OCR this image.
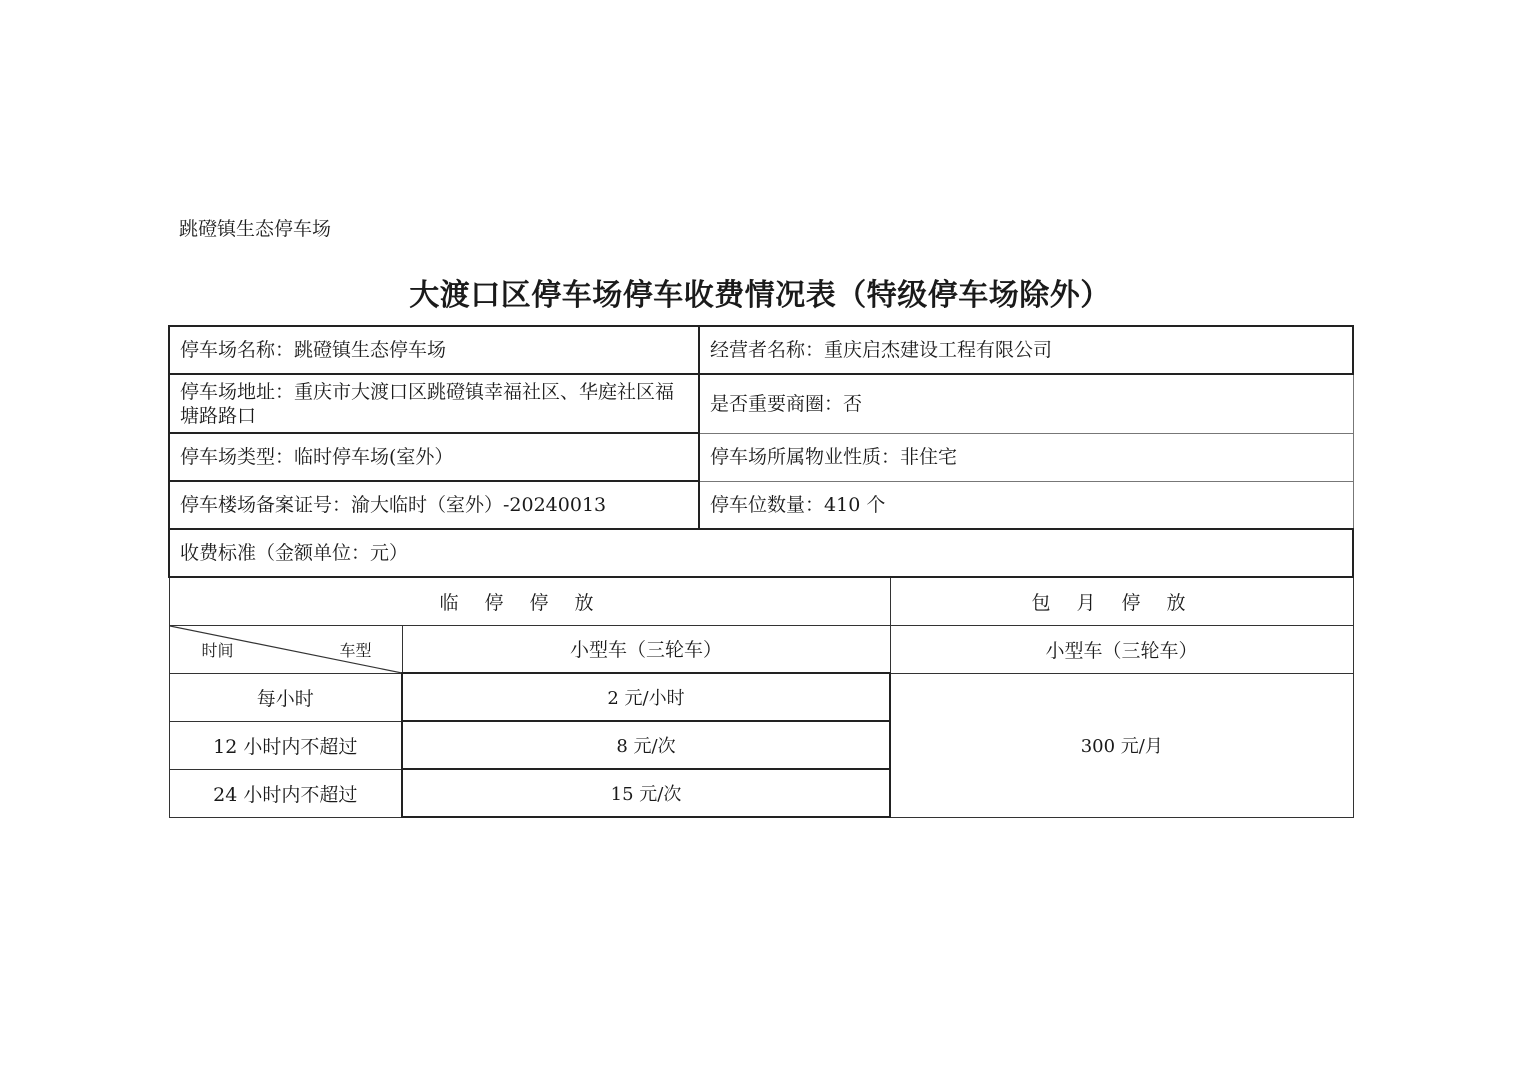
跳磴镇生态停车场
大渡口区停车场停车收费情况表（特级停车场除外）
停车场名称：跳磴镇生态停车场		经营者名称：重庆启杰建设工程有限公司	
停车场地址：重庆市大渡口区跳磴镇幸福社区、华庭社区福塘路路口		是否重要商圈：否	
停车场类型：临时停车场(室外）		停车场所属物业性质：非住宅	
停车楼场备案证号：渝大临时（室外）-20240013		停车位数量：410 个	
收费标准（金额单位：元）			
临停停放			包月停放

时间 车型	小型车（三轮车）		小型车（三轮车）
每小时	2 元/小时		300 元/月
12 小时内不超过	8 元/次		
24 小时内不超过	15 元/次		
